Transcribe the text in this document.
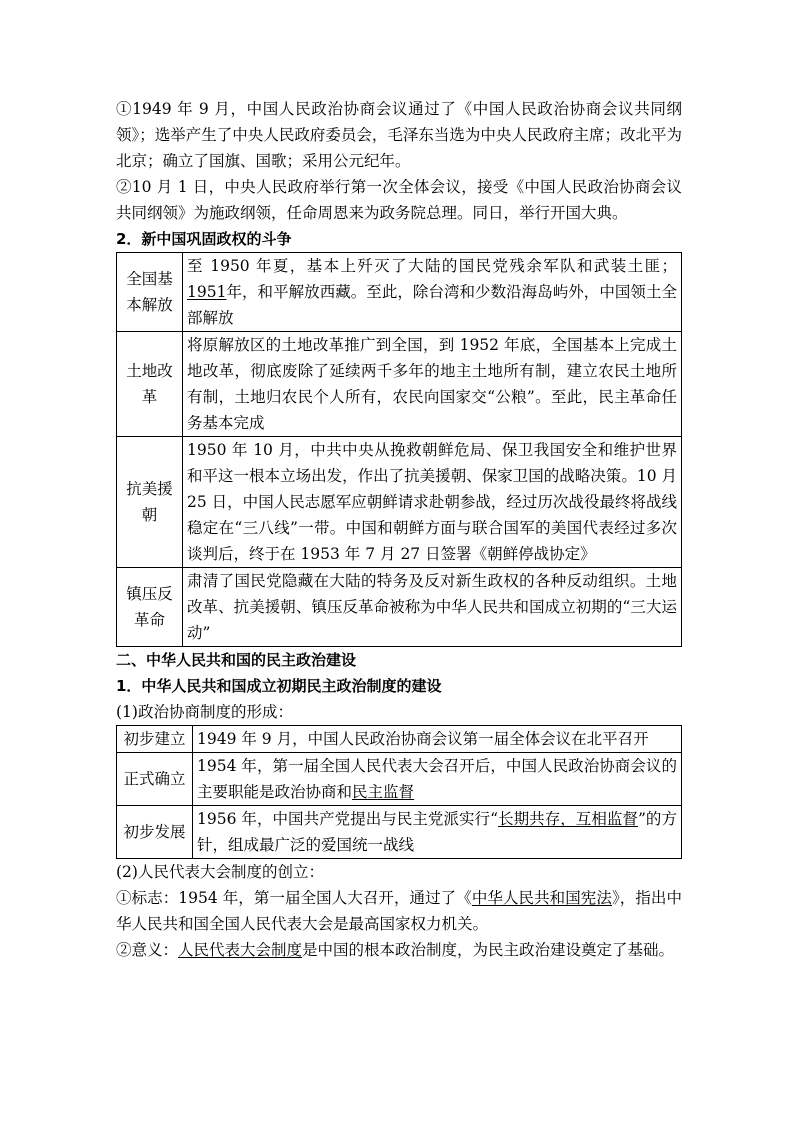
①1949 年 9 月，中国人民政治协商会议通过了《中国人民政治协商会议共同纲领》；选举产生了中央人民政府委员会，毛泽东当选为中央人民政府主席；改北平为北京；确立了国旗、国歌；采用公元纪年。

②10 月 1 日，中央人民政府举行第一次全体会议，接受《中国人民政治协商会议共同纲领》为施政纲领，任命周恩来为政务院总理。同日，举行开国大典。

2．新中国巩固政权的斗争

全国基本解放	至 1950 年夏，基本上歼灭了大陆的国民党残余军队和武装土匪；1951年，和平解放西藏。至此，除台湾和少数沿海岛屿外，中国领土全部解放
土地改革	将原解放区的土地改革推广到全国，到 1952 年底，全国基本上完成土地改革，彻底废除了延续两千多年的地主土地所有制，建立农民土地所有制，土地归农民个人所有，农民向国家交“公粮”。至此，民主革命任务基本完成
抗美援朝	1950 年 10 月，中共中央从挽救朝鲜危局、保卫我国安全和维护世界和平这一根本立场出发，作出了抗美援朝、保家卫国的战略决策。10 月 25 日，中国人民志愿军应朝鲜请求赴朝参战，经过历次战役最终将战线稳定在“三八线”一带。中国和朝鲜方面与联合国军的美国代表经过多次谈判后，终于在 1953 年 7 月 27 日签署《朝鲜停战协定》
镇压反革命	肃清了国民党隐藏在大陆的特务及反对新生政权的各种反动组织。土地改革、抗美援朝、镇压反革命被称为中华人民共和国成立初期的“三大运动”

二、中华人民共和国的民主政治建设

1．中华人民共和国成立初期民主政治制度的建设

(1)政治协商制度的形成：

初步建立	1949 年 9 月，中国人民政治协商会议第一届全体会议在北平召开
正式确立	1954 年，第一届全国人民代表大会召开后，中国人民政治协商会议的主要职能是政治协商和民主监督
初步发展	1956 年，中国共产党提出与民主党派实行“长期共存，互相监督”的方针，组成最广泛的爱国统一战线

(2)人民代表大会制度的创立：

①标志：1954 年，第一届全国人大召开，通过了《中华人民共和国宪法》，指出中华人民共和国全国人民代表大会是最高国家权力机关。

②意义：人民代表大会制度是中国的根本政治制度，为民主政治建设奠定了基础。
